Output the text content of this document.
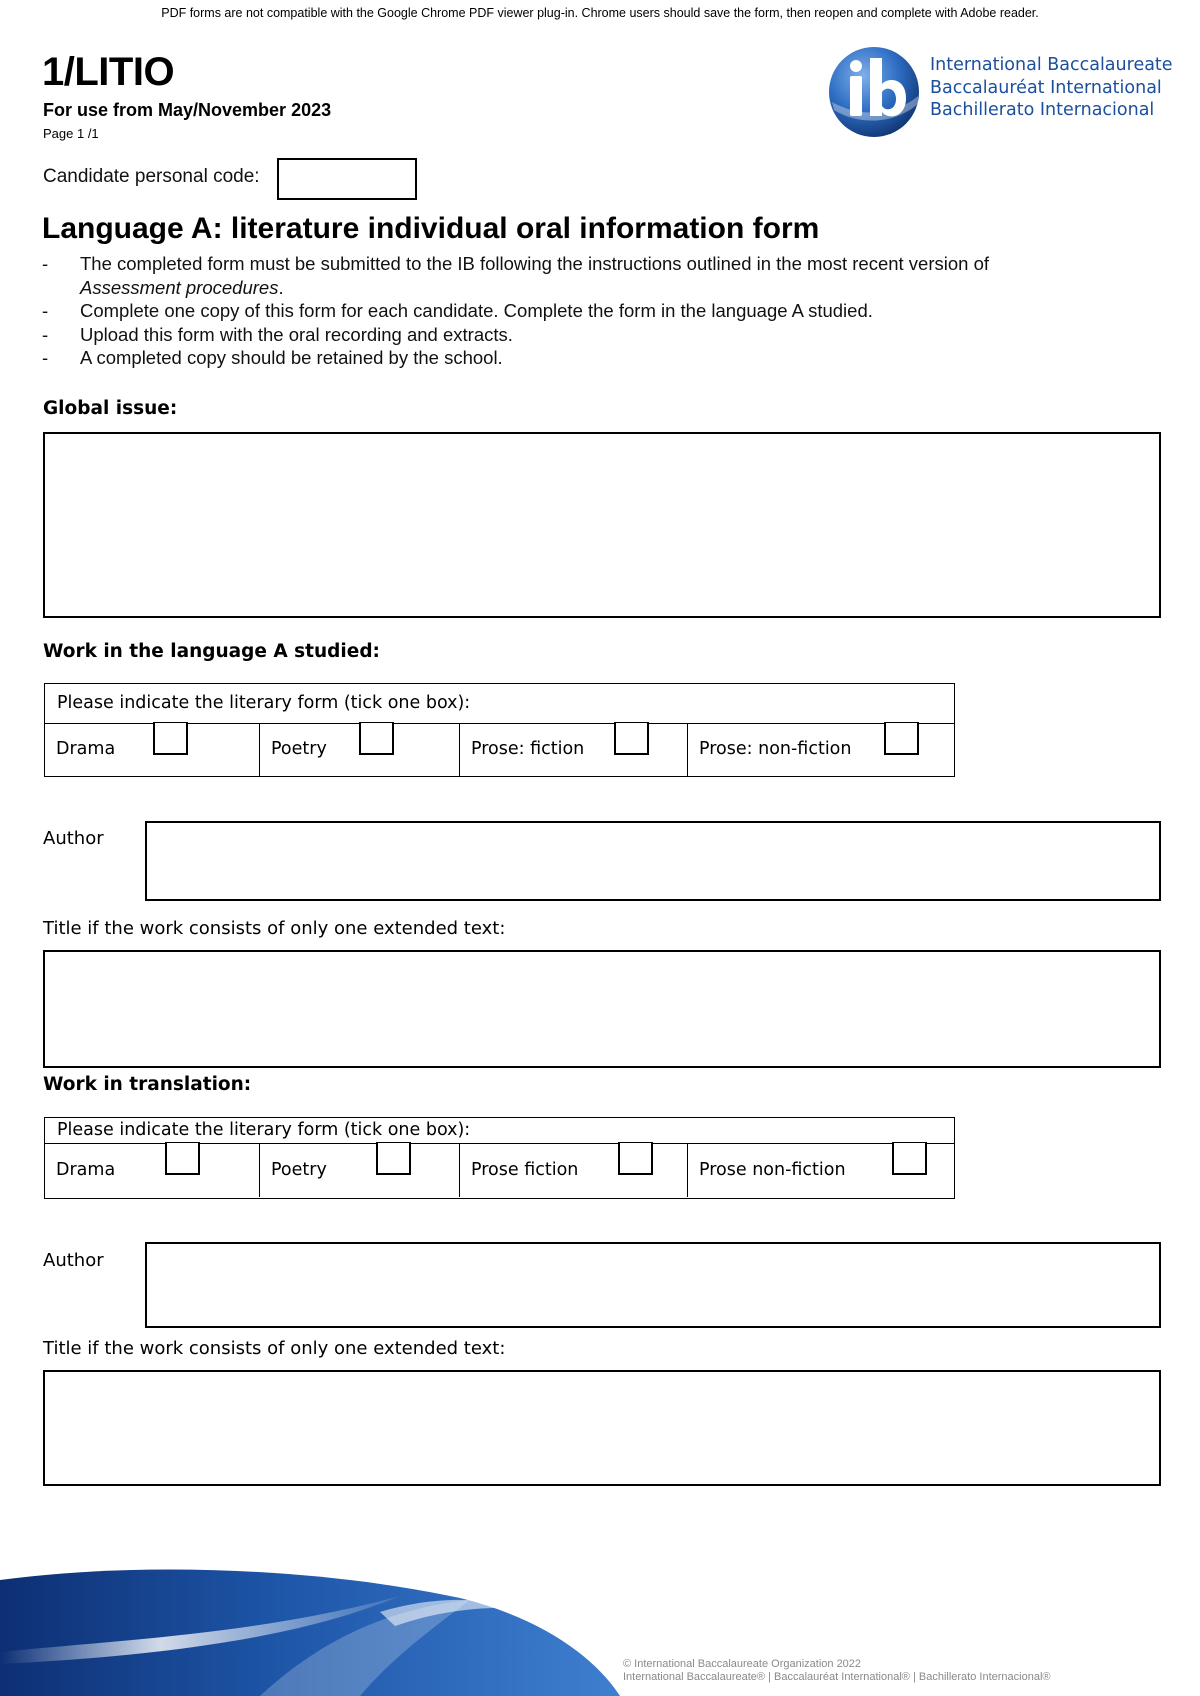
PDF forms are not compatible with the Google Chrome PDF viewer plug-in. Chrome users should save the form, then reopen and complete with Adobe reader.
1/LITIO
For use from May/November 2023
Page 1 /1
International Baccalaureate
Baccalauréat International
Bachillerato Internacional
Candidate personal code:
Language A: literature individual oral information form
- The completed form must be submitted to the IB following the instructions outlined in the most recent version of
Assessment procedures.
- Complete one copy of this form for each candidate. Complete the form in the language A studied.
- Upload this form with the oral recording and extracts.
- A completed copy should be retained by the school.
Global issue:
Work in the language A studied:
Please indicate the literary form (tick one box):
Drama	Poetry	Prose: fiction	Prose: non-fiction
Author
Title if the work consists of only one extended text:
Work in translation:
Please indicate the literary form (tick one box):
Drama	Poetry	Prose fiction	Prose non-fiction
Author
Title if the work consists of only one extended text:
© International Baccalaureate Organization 2022
International Baccalaureate® | Baccalauréat International® | Bachillerato Internacional®
